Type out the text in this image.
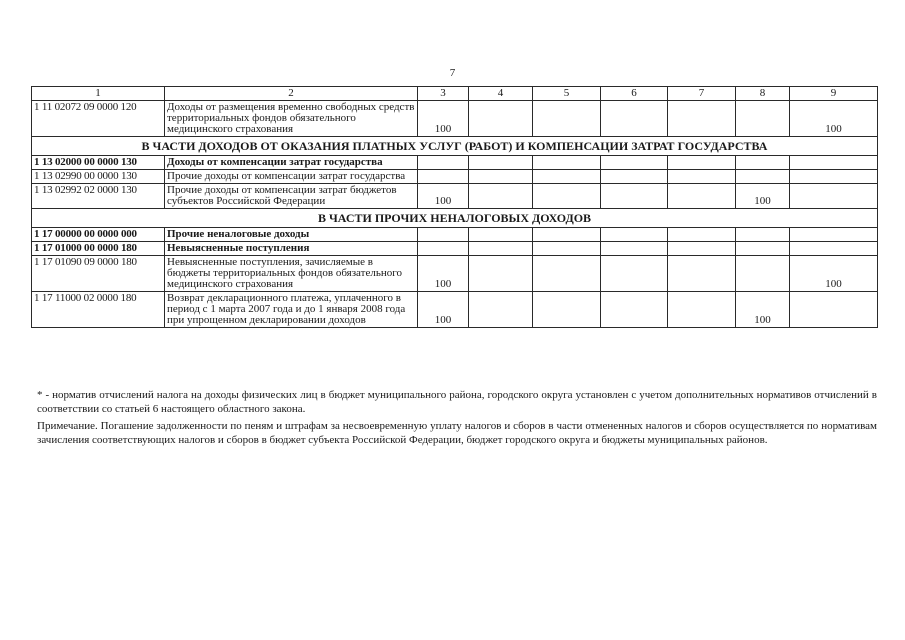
7
1	2	3	4	5	6	7	8	9
1 11 02072 09 0000 120	Доходы от размещения временно свободных средств территориальных фондов обязательного медицинского страхования	100						100
В ЧАСТИ ДОХОДОВ ОТ ОКАЗАНИЯ ПЛАТНЫХ УСЛУГ (РАБОТ) И КОМПЕНСАЦИИ ЗАТРАТ ГОСУДАРСТВА								
1 13 02000 00 0000 130	Доходы от компенсации затрат государства							
1 13 02990 00 0000 130	Прочие доходы от компенсации затрат государства							
1 13 02992 02 0000 130	Прочие доходы от компенсации затрат бюджетов субъектов Российской Федерации	100					100	
В ЧАСТИ ПРОЧИХ НЕНАЛОГОВЫХ ДОХОДОВ								
1 17 00000 00 0000 000	Прочие неналоговые доходы							
1 17 01000 00 0000 180	Невыясненные поступления							
1 17 01090 09 0000 180	Невыясненные поступления, зачисляемые в бюджеты территориальных фондов обязательного медицинского страхования	100						100
1 17 11000 02 0000 180	Возврат декларационного платежа, уплаченного в период с 1 марта 2007 года и до 1 января 2008 года при упрощенном декларировании доходов	100					100	
* - норматив отчислений налога на доходы физических лиц в бюджет муниципального района, городского округа установлен с учетом дополнительных нормативов отчислений в соответствии со статьей 6 настоящего областного закона.
Примечание. Погашение задолженности по пеням и штрафам за несвоевременную уплату налогов и сборов в части отмененных налогов и сборов осуществляется по нормативам зачисления соответствующих налогов и сборов в бюджет субъекта Российской Федерации, бюджет городского округа и бюджеты муниципальных районов.
